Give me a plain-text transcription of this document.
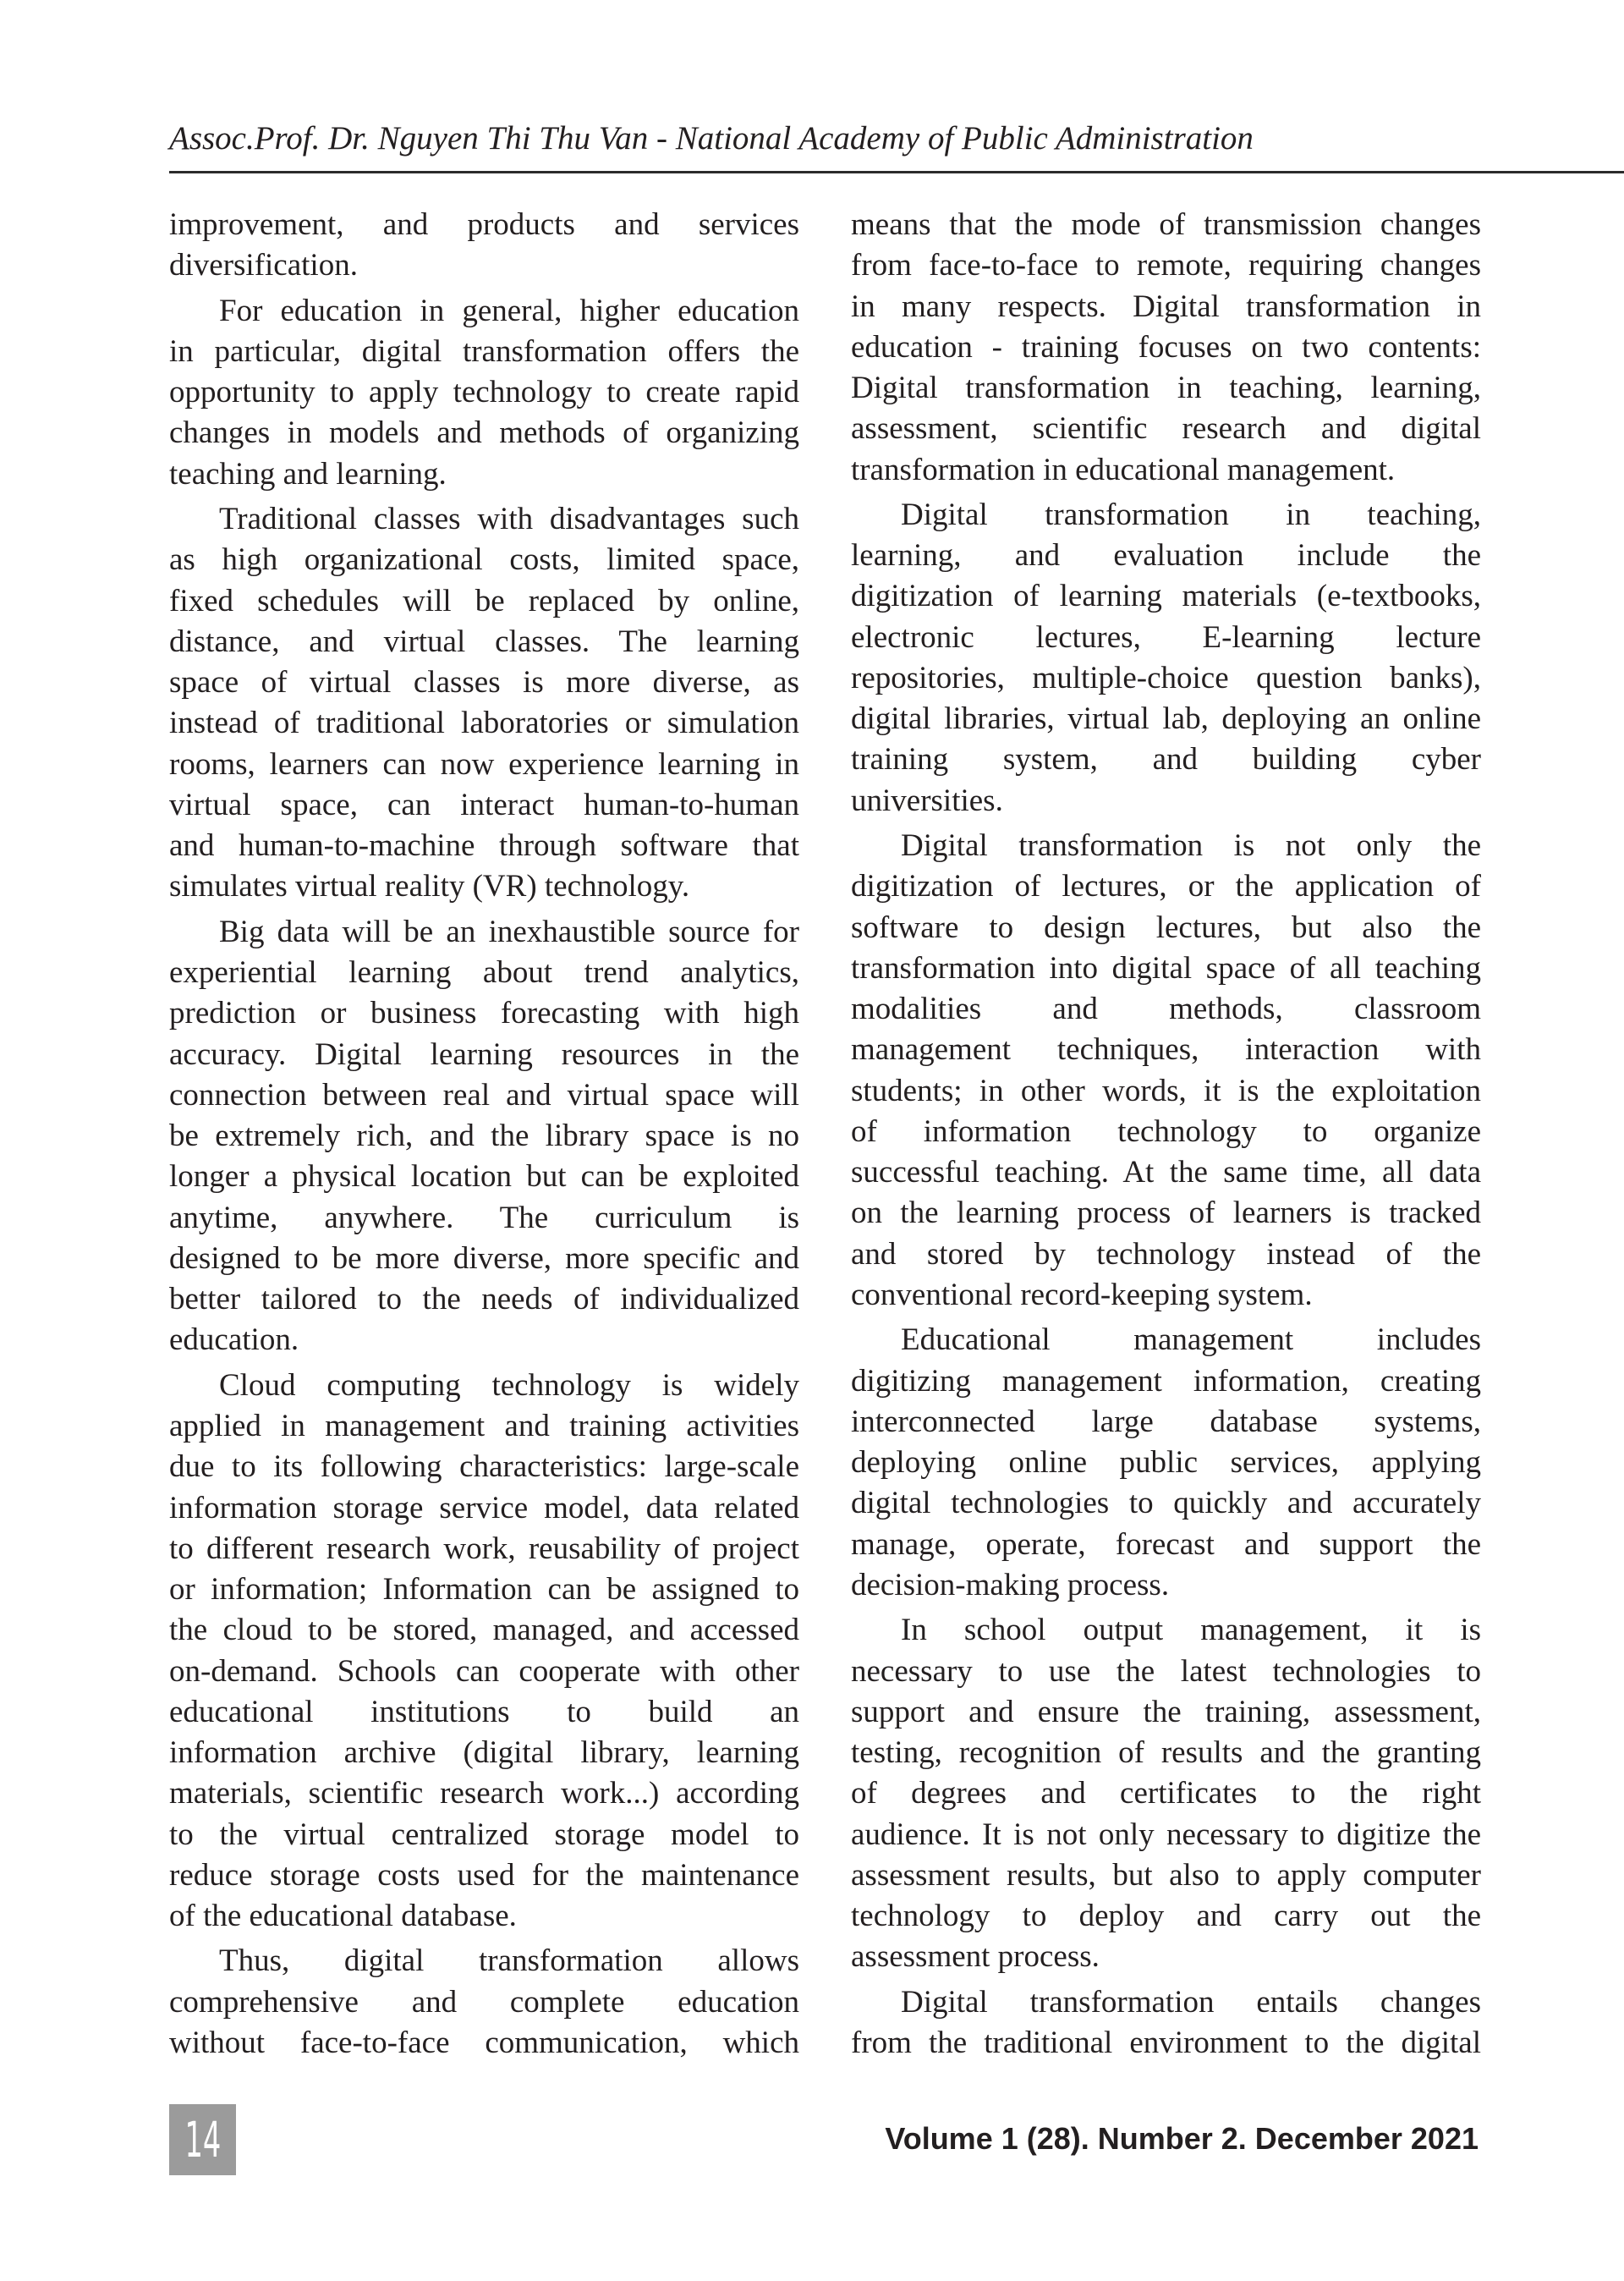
Assoc.Prof. Dr. Nguyen Thi Thu Van - National Academy of Public Administration
improvement, and products and services
diversification.
For education in general, higher education
in particular, digital transformation offers the
opportunity to apply technology to create rapid
changes in models and methods of organizing
teaching and learning.
Traditional classes with disadvantages such
as high organizational costs, limited space,
fixed schedules will be replaced by online,
distance, and virtual classes. The learning
space of virtual classes is more diverse, as
instead of traditional laboratories or simulation
rooms, learners can now experience learning in
virtual space, can interact human-to-human
and human-to-machine through software that
simulates virtual reality (VR) technology.
Big data will be an inexhaustible source for
experiential learning about trend analytics,
prediction or business forecasting with high
accuracy. Digital learning resources in the
connection between real and virtual space will
be extremely rich, and the library space is no
longer a physical location but can be exploited
anytime, anywhere. The curriculum is
designed to be more diverse, more specific and
better tailored to the needs of individualized
education.
Cloud computing technology is widely
applied in management and training activities
due to its following characteristics: large-scale
information storage service model, data related
to different research work, reusability of project
or information; Information can be assigned to
the cloud to be stored, managed, and accessed
on-demand. Schools can cooperate with other
educational institutions to build an
information archive (digital library, learning
materials, scientific research work...) according
to the virtual centralized storage model to
reduce storage costs used for the maintenance
of the educational database.
Thus, digital transformation allows
comprehensive and complete education
without face-to-face communication, which
means that the mode of transmission changes
from face-to-face to remote, requiring changes
in many respects. Digital transformation in
education - training focuses on two contents:
Digital transformation in teaching, learning,
assessment, scientific research and digital
transformation in educational management.
Digital transformation in teaching,
learning, and evaluation include the
digitization of learning materials (e-textbooks,
electronic lectures, E-learning lecture
repositories, multiple-choice question banks),
digital libraries, virtual lab, deploying an online
training system, and building cyber
universities.
Digital transformation is not only the
digitization of lectures, or the application of
software to design lectures, but also the
transformation into digital space of all teaching
modalities and methods, classroom
management techniques, interaction with
students; in other words, it is the exploitation
of information technology to organize
successful teaching. At the same time, all data
on the learning process of learners is tracked
and stored by technology instead of the
conventional record-keeping system.
Educational management includes
digitizing management information, creating
interconnected large database systems,
deploying online public services, applying
digital technologies to quickly and accurately
manage, operate, forecast and support the
decision-making process.
In school output management, it is
necessary to use the latest technologies to
support and ensure the training, assessment,
testing, recognition of results and the granting
of degrees and certificates to the right
audience. It is not only necessary to digitize the
assessment results, but also to apply computer
technology to deploy and carry out the
assessment process.
Digital transformation entails changes
from the traditional environment to the digital
14	Volume 1 (28). Number 2. December 2021
